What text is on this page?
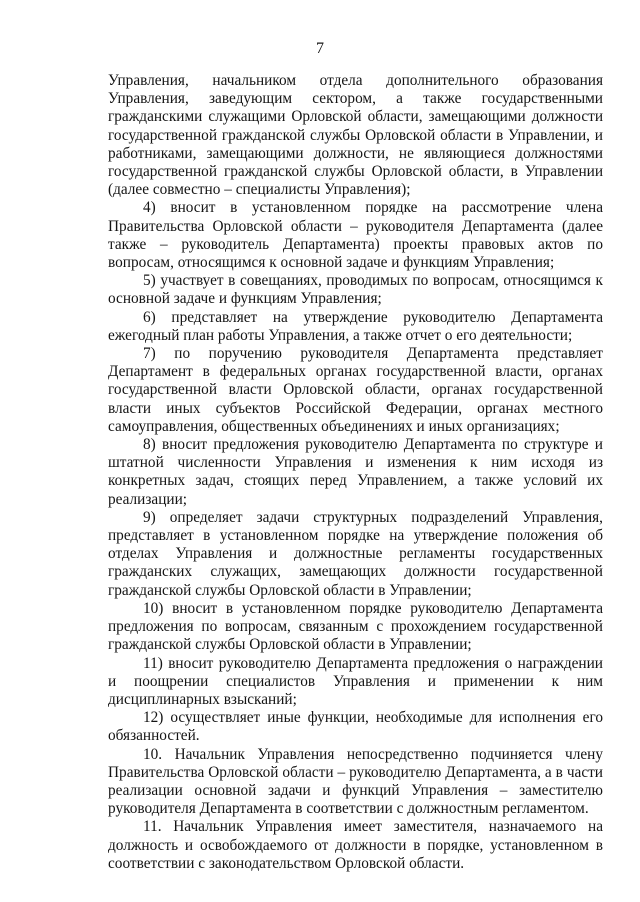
7

Управления, начальником отдела дополнительного образования Управления, заведующим сектором, а также государственными гражданскими служащими Орловской области, замещающими должности государственной гражданской службы Орловской области в Управлении, и работниками, замещающими должности, не являющиеся должностями государственной гражданской службы Орловской области, в Управлении (далее совместно – специалисты Управления);

4) вносит в установленном порядке на рассмотрение члена Правительства Орловской области – руководителя Департамента (далее также – руководитель Департамента) проекты правовых актов по вопросам, относящимся к основной задаче и функциям Управления;

5) участвует в совещаниях, проводимых по вопросам, относящимся к основной задаче и функциям Управления;

6) представляет на утверждение руководителю Департамента ежегодный план работы Управления, а также отчет о его деятельности;

7) по поручению руководителя Департамента представляет Департамент в федеральных органах государственной власти, органах государственной власти Орловской области, органах государственной власти иных субъектов Российской Федерации, органах местного самоуправления, общественных объединениях и иных организациях;

8) вносит предложения руководителю Департамента по структуре и штатной численности Управления и изменения к ним исходя из конкретных задач, стоящих перед Управлением, а также условий их реализации;

9) определяет задачи структурных подразделений Управления, представляет в установленном порядке на утверждение положения об отделах Управления и должностные регламенты государственных гражданских служащих, замещающих должности государственной гражданской службы Орловской области в Управлении;

10) вносит в установленном порядке руководителю Департамента предложения по вопросам, связанным с прохождением государственной гражданской службы Орловской области в Управлении;

11) вносит руководителю Департамента предложения о награждении и поощрении специалистов Управления и применении к ним дисциплинарных взысканий;

12) осуществляет иные функции, необходимые для исполнения его обязанностей.

10. Начальник Управления непосредственно подчиняется члену Правительства Орловской области – руководителю Департамента, а в части реализации основной задачи и функций Управления – заместителю руководителя Департамента в соответствии с должностным регламентом.

11. Начальник Управления имеет заместителя, назначаемого на должность и освобождаемого от должности в порядке, установленном в соответствии с законодательством Орловской области.
